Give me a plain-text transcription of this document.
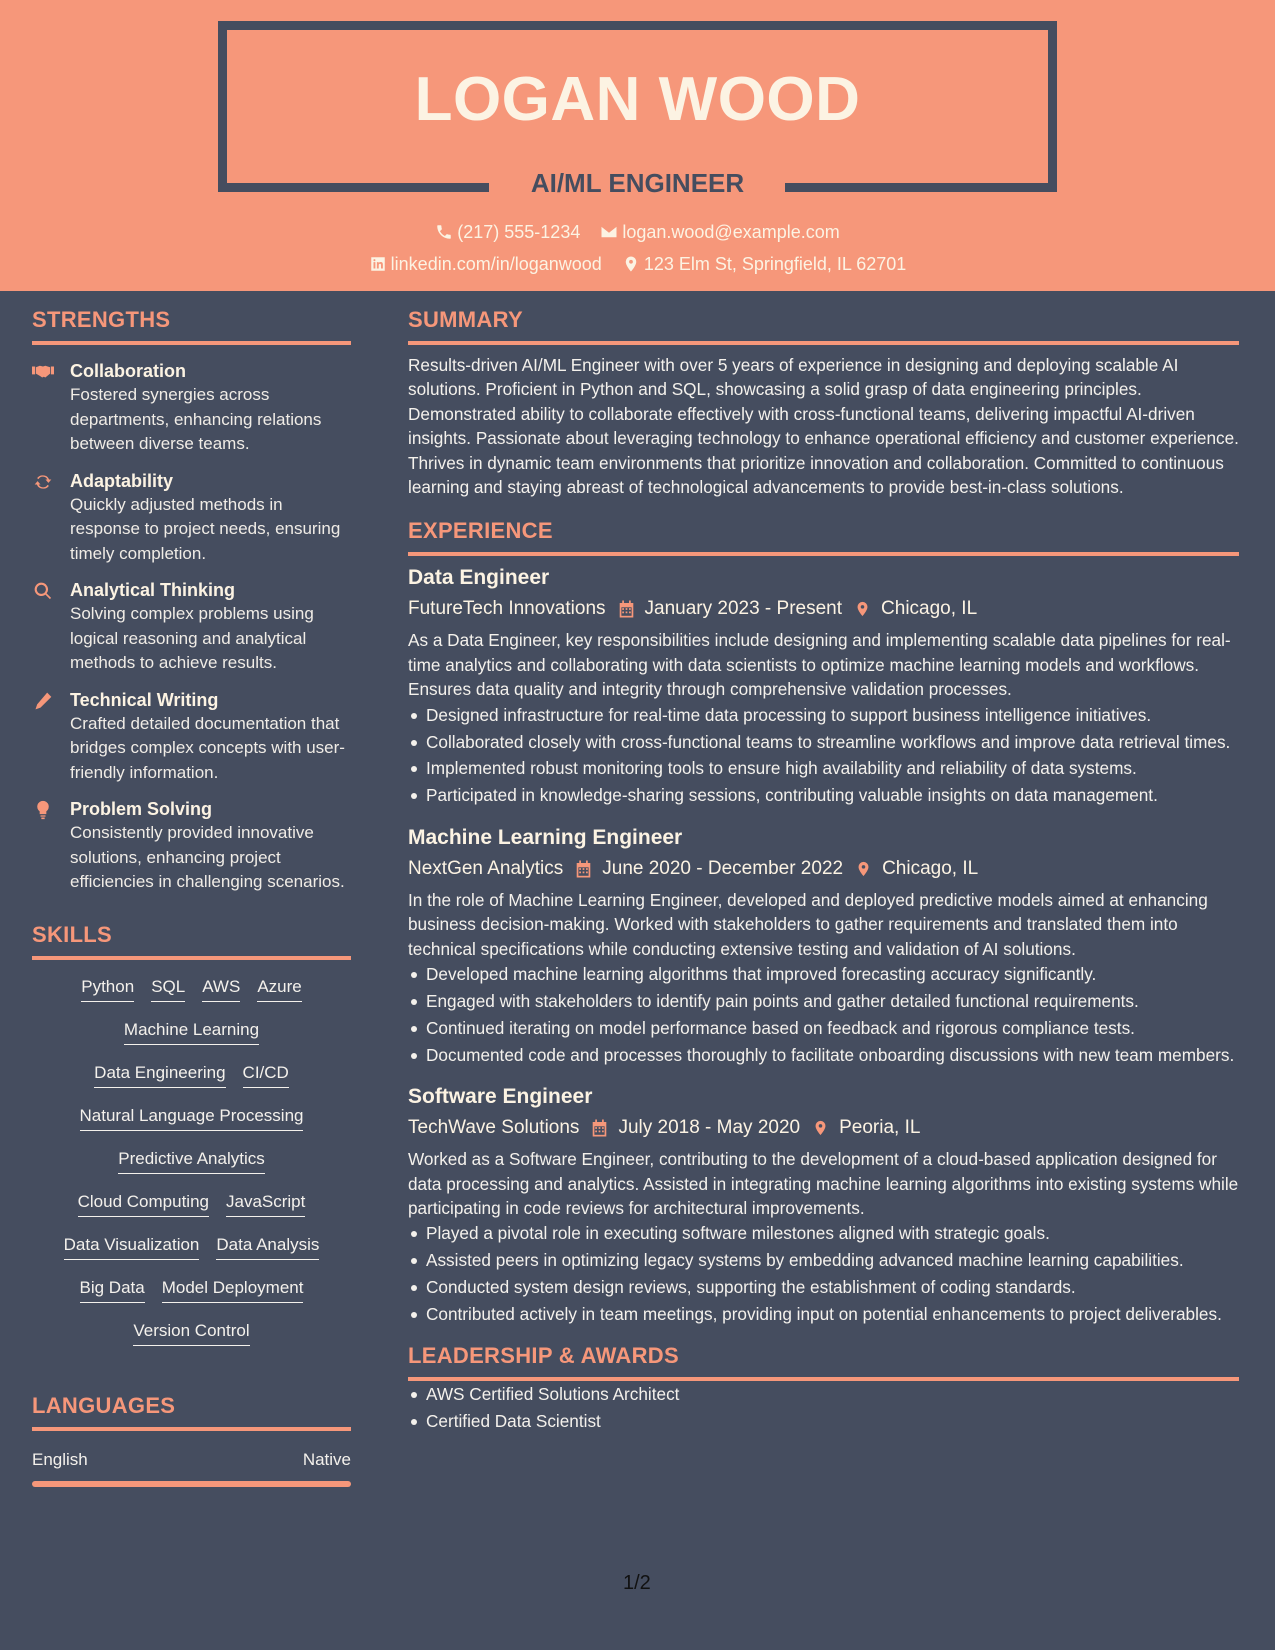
LOGAN WOOD
AI/ML ENGINEER
(217) 555-1234 logan.wood@example.com
linkedin.com/in/loganwood 123 Elm St, Springfield, IL 62701
STRENGTHS
Collaboration
Fostered synergies across departments, enhancing relations between diverse teams.
Adaptability
Quickly adjusted methods in response to project needs, ensuring timely completion.
Analytical Thinking
Solving complex problems using logical reasoning and analytical methods to achieve results.
Technical Writing
Crafted detailed documentation that bridges complex concepts with user-friendly information.
Problem Solving
Consistently provided innovative solutions, enhancing project efficiencies in challenging scenarios.
SKILLS
Python SQL AWS Azure
Machine Learning
Data Engineering CI/CD
Natural Language Processing
Predictive Analytics
Cloud Computing JavaScript
Data Visualization Data Analysis
Big Data Model Deployment
Version Control
LANGUAGES
English	Native
SUMMARY

Results-driven AI/ML Engineer with over 5 years of experience in designing and deploying scalable AI solutions. Proficient in Python and SQL, showcasing a solid grasp of data engineering principles. Demonstrated ability to collaborate effectively with cross-functional teams, delivering impactful AI-driven insights. Passionate about leveraging technology to enhance operational efficiency and customer experience. Thrives in dynamic team environments that prioritize innovation and collaboration. Committed to continuous learning and staying abreast of technological advancements to provide best-in-class solutions.

EXPERIENCE
Data Engineer
FutureTech Innovations January 2023 - Present Chicago, IL

As a Data Engineer, key responsibilities include designing and implementing scalable data pipelines for real-time analytics and collaborating with data scientists to optimize machine learning models and workflows. Ensures data quality and integrity through comprehensive validation processes.

Designed infrastructure for real-time data processing to support business intelligence initiatives.
Collaborated closely with cross-functional teams to streamline workflows and improve data retrieval times.
Implemented robust monitoring tools to ensure high availability and reliability of data systems.
Participated in knowledge-sharing sessions, contributing valuable insights on data management.
Machine Learning Engineer
NextGen Analytics June 2020 - December 2022 Chicago, IL

In the role of Machine Learning Engineer, developed and deployed predictive models aimed at enhancing business decision-making. Worked with stakeholders to gather requirements and translated them into technical specifications while conducting extensive testing and validation of AI solutions.

Developed machine learning algorithms that improved forecasting accuracy significantly.
Engaged with stakeholders to identify pain points and gather detailed functional requirements.
Continued iterating on model performance based on feedback and rigorous compliance tests.
Documented code and processes thoroughly to facilitate onboarding discussions with new team members.
Software Engineer
TechWave Solutions July 2018 - May 2020 Peoria, IL

Worked as a Software Engineer, contributing to the development of a cloud-based application designed for data processing and analytics. Assisted in integrating machine learning algorithms into existing systems while participating in code reviews for architectural improvements.

Played a pivotal role in executing software milestones aligned with strategic goals.
Assisted peers in optimizing legacy systems by embedding advanced machine learning capabilities.
Conducted system design reviews, supporting the establishment of coding standards.
Contributed actively in team meetings, providing input on potential enhancements to project deliverables.
LEADERSHIP & AWARDS
AWS Certified Solutions Architect
Certified Data Scientist
1/2
